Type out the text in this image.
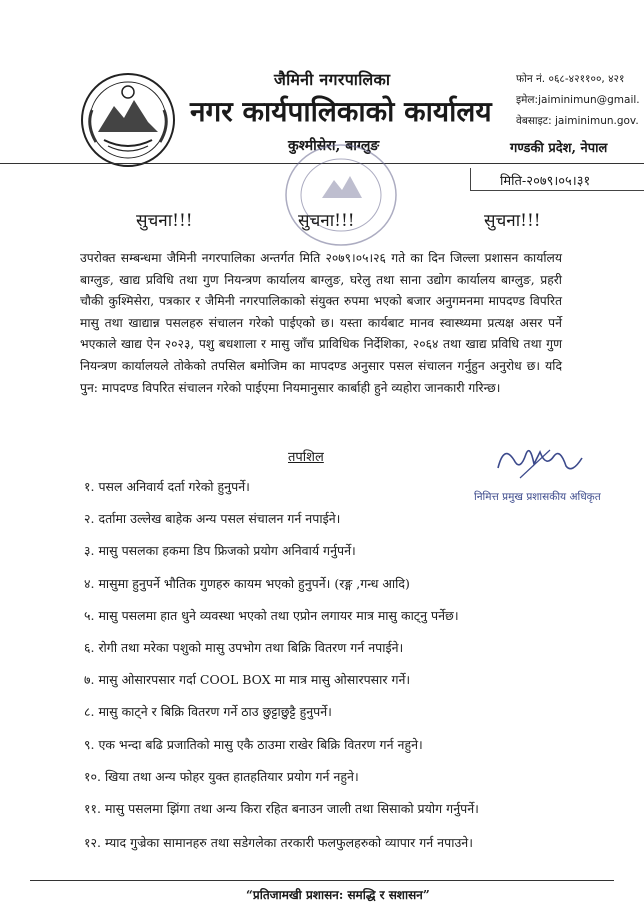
जैमिनी नगरपालिका
नगर कार्यपालिकाको कार्यालय
कुश्मीसेरा, बाग्लुङ
फोन नं. ०६८-४२११००, ४२१
इमेल:jaiminimun@gmail.
वेबसाइट: jaiminimun.gov.
गण्डकी प्रदेश, नेपाल
मिति-२०७९।०५।३१
सुचना!!!	सुचना!!!	सुचना!!!
उपरोक्त सम्बन्धमा जैमिनी नगरपालिका अन्तर्गत मिति २०७९।०५।२६ गते का दिन जिल्ला प्रशासन कार्यालय बाग्लुङ, खाद्य प्रविधि तथा गुण नियन्त्रण कार्यालय बाग्लुङ, घरेलु तथा साना उद्योग कार्यालय बाग्लुङ, प्रहरी चौकी कुश्मिसेरा, पत्रकार र जैमिनी नगरपालिकाको संयुक्त रुपमा भएको बजार अनुगमनमा मापदण्ड विपरित मासु तथा खाद्यान्न पसलहरु संचालन गरेको पाईएको छ। यस्ता कार्यबाट मानव स्वास्थ्यमा प्रत्यक्ष असर पर्ने भएकाले खाद्य ऐन २०२३, पशु बधशाला र मासु जाँच प्राविधिक निर्देशिका, २०६४ तथा खाद्य प्रविधि तथा गुण नियन्त्रण कार्यालयले तोकेको तपसिल बमोजिम का मापदण्ड अनुसार पसल संचालन गर्नुहुन अनुरोध छ। यदि पुन: मापदण्ड विपरित संचालन गरेको पाईएमा नियमानुसार कार्बाही हुने व्यहोरा जानकारी गरिन्छ।
तपशिल
निमित्त प्रमुख प्रशासकीय अधिकृत
१. पसल अनिवार्य दर्ता गरेको हुनुपर्ने।
२. दर्तामा उल्लेख बाहेक अन्य पसल संचालन गर्न नपाईने।
३. मासु पसलका हकमा डिप फ्रिजको प्रयोग अनिवार्य गर्नुपर्ने।
४. मासुमा हुनुपर्ने भौतिक गुणहरु कायम भएको हुनुपर्ने। (रङ्ग ,गन्ध आदि)
५. मासु पसलमा हात धुने व्यवस्था भएको तथा एप्रोन लगायर मात्र मासु काट्नु पर्नेछ।
६. रोगी तथा मरेका पशुको मासु उपभोग तथा बिक्रि वितरण गर्न नपाईने।
७. मासु ओसारपसार गर्दा COOL BOX मा मात्र मासु ओसारपसार गर्ने।
८. मासु काट्ने र बिक्रि वितरण गर्ने ठाउ छुट्टाछुट्टै हुनुपर्ने।
९. एक भन्दा बढि प्रजातिको मासु एकै ठाउमा राखेर बिक्रि वितरण गर्न नहुने।
१०. खिया तथा अन्य फोहर युक्त हातहतियार प्रयोग गर्न नहुने।
११. मासु पसलमा झिंगा तथा अन्य किरा रहित बनाउन जाली तथा सिसाको प्रयोग गर्नुपर्ने।
१२. म्याद गुज्रेका सामानहरु तथा सडेगलेका तरकारी फलफुलहरुको व्यापार गर्न नपाउने।
“प्रतिजामखी प्रशासन: समद्धि र सशासन”
